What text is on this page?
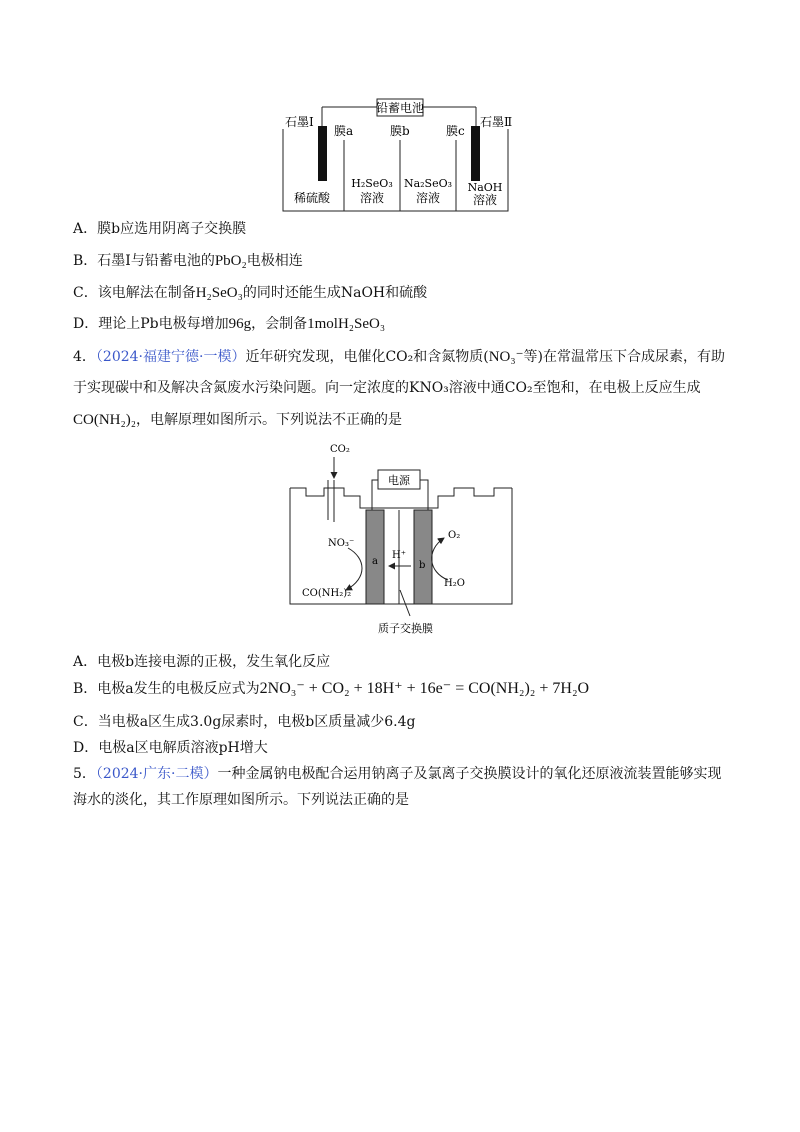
铅蓄电池
石墨Ⅰ	石墨Ⅱ
膜a	膜b	膜c
稀硫酸
H₂SeO₃
溶液
Na₂SeO₃
溶液
NaOH
溶液
A．膜b应选用阴离子交换膜
B．石墨Ⅰ与铅蓄电池的PbO₂电极相连
C．该电解法在制备H₂SeO₃的同时还能生成NaOH和硫酸
D．理论上Pb电极每增加96g，会制备1molH₂SeO₃
4．（2024·福建宁德·一模）近年研究发现，电催化CO₂和含氮物质(NO₃⁻等)在常温常压下合成尿素，有助
于实现碳中和及解决含氮废水污染问题。向一定浓度的KNO₃溶液中通CO₂至饱和，在电极上反应生成
CO(NH₂)₂，电解原理如图所示。下列说法不正确的是
CO₂
电源
a	b
H⁺
NO₃⁻
CO(NH₂)₂
O₂
H₂O
质子交换膜
A．电极b连接电源的正极，发生氧化反应
B．电极a发生的电极反应式为2NO₃⁻ + CO₂ + 18H⁺ + 16e⁻ = CO(NH₂)₂ + 7H₂O
C．当电极a区生成3.0g尿素时，电极b区质量减少6.4g
D．电极a区电解质溶液pH增大
5．（2024·广东·二模）一种金属钠电极配合运用钠离子及氯离子交换膜设计的氧化还原液流装置能够实现
海水的淡化，其工作原理如图所示。下列说法正确的是
